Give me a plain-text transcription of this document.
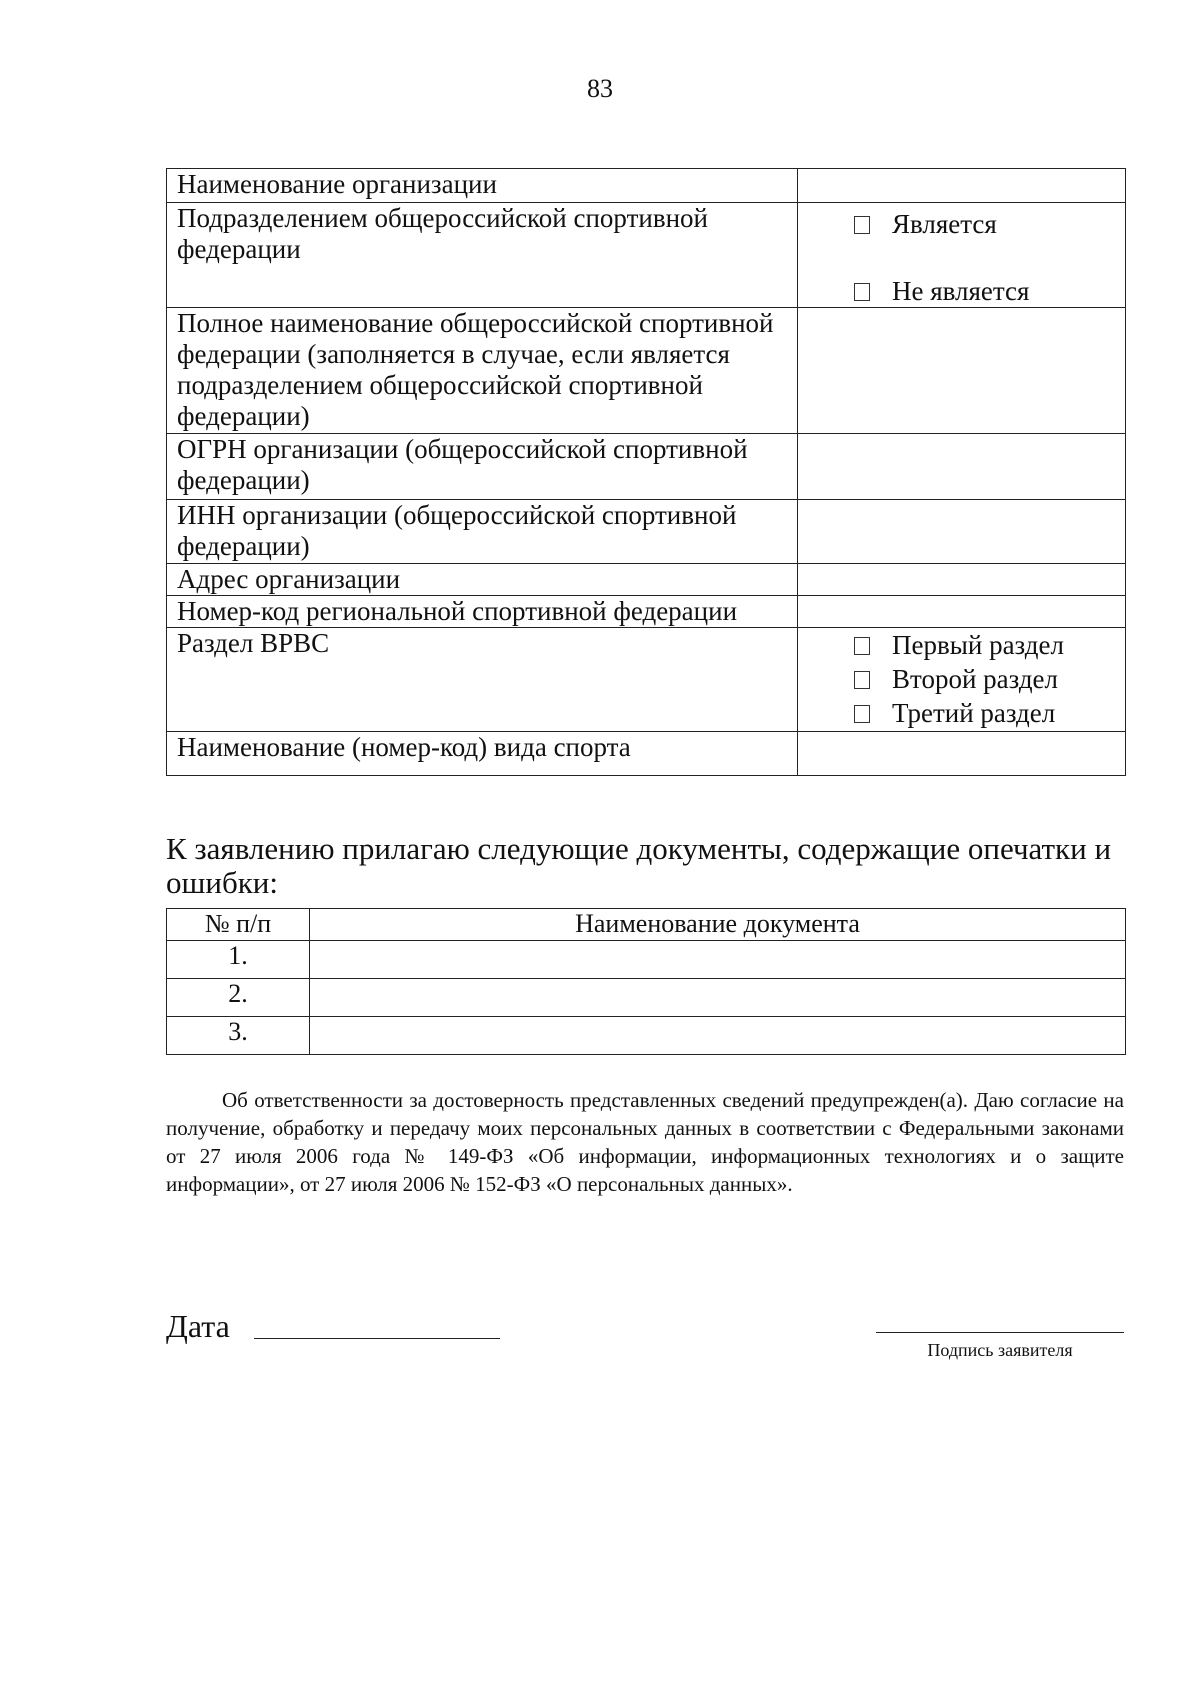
83
Наименование организации	
Подразделением общероссийской спортивной федерации	Является
Не является

Полное наименование общероссийской спортивной федерации (заполняется в случае, если является подразделением общероссийской спортивной федерации)	
ОГРН организации (общероссийской спортивной федерации)	
ИНН организации (общероссийской спортивной федерации)	
Адрес организации	
Номер-код региональной спортивной федерации	
Раздел ВРВС	Первый раздел
Второй раздел
Третий раздел

Наименование (номер-код) вида спорта	
К заявлению прилагаю следующие документы, содержащие опечатки и ошибки:
№ п/п	Наименование документа
1.	
2.	
3.	

Об ответственности за достоверность представленных сведений предупрежден(а). Даю согласие на получение, обработку и передачу моих персональных данных в соответствии с Федеральными законами от 27 июля 2006 года № 149-ФЗ «Об информации, информационных технологиях и о защите информации», от 27 июля 2006 № 152-ФЗ «О персональных данных».

Дата
Подпись заявителя
